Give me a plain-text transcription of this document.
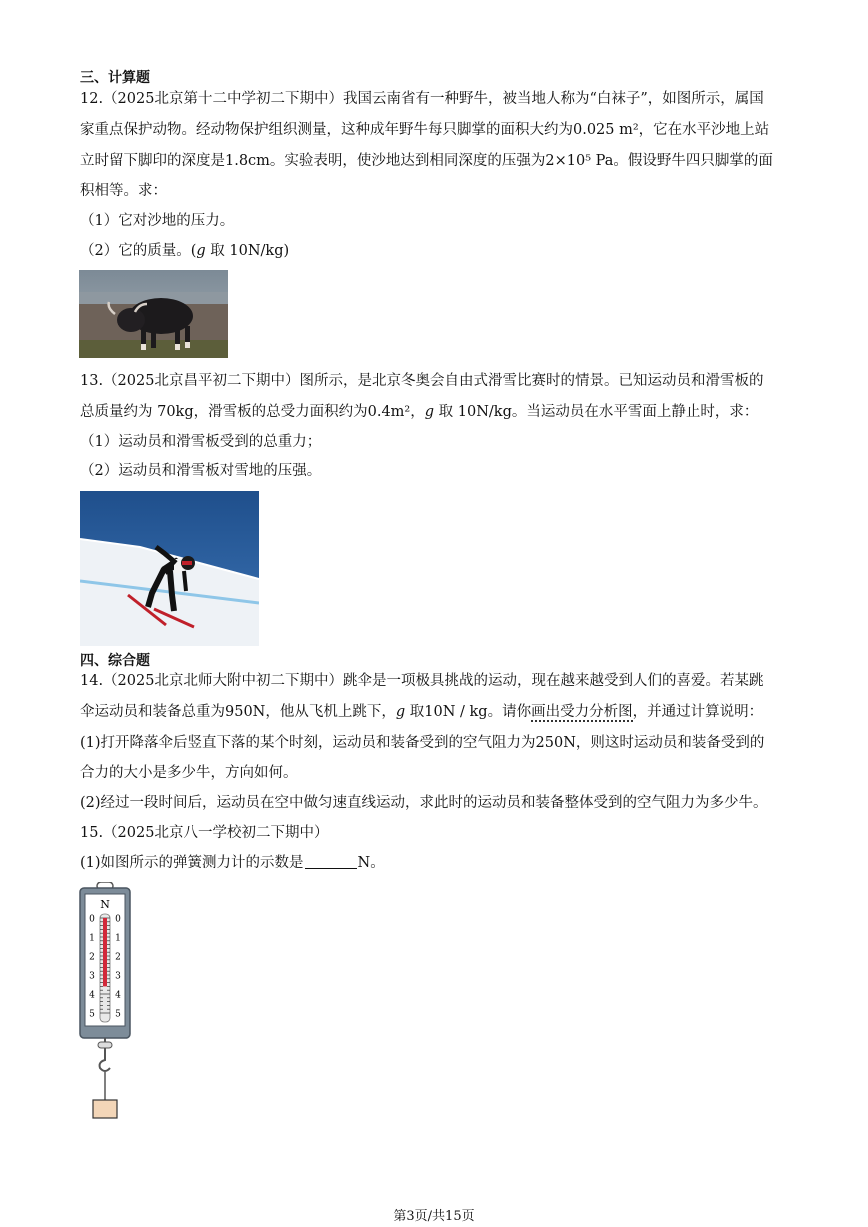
三、计算题
12.（2025北京第十二中学初二下期中）我国云南省有一种野牛，被当地人称为“白袜子”，如图所示，属国
家重点保护动物。经动物保护组织测量，这种成年野牛每只脚掌的面积大约为0.025 m²，它在水平沙地上站
立时留下脚印的深度是1.8cm。实验表明，使沙地达到相同深度的压强为2×10⁵ Pa。假设野牛四只脚掌的面
积相等。求：
（1）它对沙地的压力。
（2）它的质量。(g 取 10N/kg)
13.（2025北京昌平初二下期中）图所示，是北京冬奥会自由式滑雪比赛时的情景。已知运动员和滑雪板的
总质量约为 70kg，滑雪板的总受力面积约为0.4m²，g 取 10N/kg。当运动员在水平雪面上静止时，求：
（1）运动员和滑雪板受到的总重力；
（2）运动员和滑雪板对雪地的压强。
四、综合题
14.（2025北京北师大附中初二下期中）跳伞是一项极具挑战的运动，现在越来越受到人们的喜爱。若某跳
伞运动员和装备总重为950N，他从飞机上跳下，g 取10N / kg。请你画出受力分析图，并通过计算说明：
(1)打开降落伞后竖直下落的某个时刻，运动员和装备受到的空气阻力为250N，则这时运动员和装备受到的
合力的大小是多少牛，方向如何。
(2)经过一段时间后，运动员在空中做匀速直线运动，求此时的运动员和装备整体受到的空气阻力为多少牛。
15.（2025北京八一学校初二下期中）
(1)如图所示的弹簧测力计的示数是	N。
N
0 0
1 1
2 2
3 3
4 4
5 5
第3页/共15页
